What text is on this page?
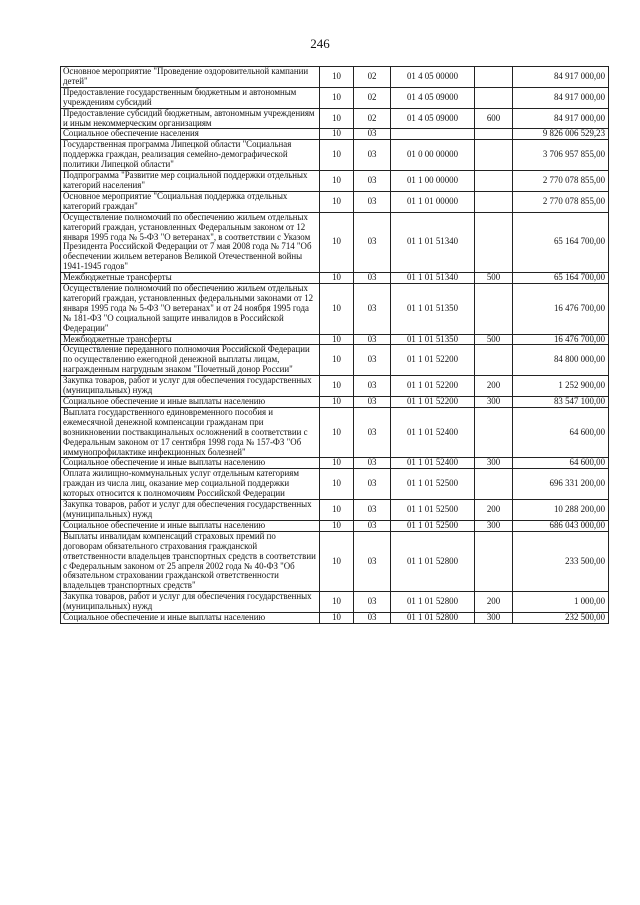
246
Основное мероприятие "Проведение оздоровительной кампании детей"	10	02	01 4 05 00000		84 917 000,00
Предоставление государственным бюджетным и автономным учреждениям субсидий	10	02	01 4 05 09000		84 917 000,00
Предоставление субсидий бюджетным, автономным учреждениям и иным некоммерческим организациям	10	02	01 4 05 09000	600	84 917 000,00
Социальное обеспечение населения	10	03			9 826 006 529,23
Государственная программа Липецкой области "Социальная поддержка граждан, реализация семейно-демографической политики Липецкой области"	10	03	01 0 00 00000		3 706 957 855,00
Подпрограмма "Развитие мер социальной поддержки отдельных категорий населения"	10	03	01 1 00 00000		2 770 078 855,00
Основное мероприятие "Социальная поддержка отдельных категорий граждан"	10	03	01 1 01 00000		2 770 078 855,00
Осуществление полномочий по обеспечению жильем отдельных категорий граждан, установленных Федеральным законом от 12 января 1995 года № 5-ФЗ "О ветеранах", в соответствии с Указом Президента Российской Федерации от 7 мая 2008 года № 714 "Об обеспечении жильем ветеранов Великой Отечественной войны 1941-1945 годов"	10	03	01 1 01 51340		65 164 700,00
Межбюджетные трансферты	10	03	01 1 01 51340	500	65 164 700,00
Осуществление полномочий по обеспечению жильем отдельных категорий граждан, установленных федеральными законами от 12 января 1995 года № 5-ФЗ "О ветеранах" и от 24 ноября 1995 года № 181-ФЗ "О социальной защите инвалидов в Российской Федерации"	10	03	01 1 01 51350		16 476 700,00
Межбюджетные трансферты	10	03	01 1 01 51350	500	16 476 700,00
Осуществление переданного полномочия Российской Федерации по осуществлению ежегодной денежной выплаты лицам, награжденным нагрудным знаком "Почетный донор России"	10	03	01 1 01 52200		84 800 000,00
Закупка товаров, работ и услуг для обеспечения государственных (муниципальных) нужд	10	03	01 1 01 52200	200	1 252 900,00
Социальное обеспечение и иные выплаты населению	10	03	01 1 01 52200	300	83 547 100,00
Выплата государственного единовременного пособия и ежемесячной денежной компенсации гражданам при возникновении поствакцинальных осложнений в соответствии с Федеральным законом от 17 сентября 1998 года № 157-ФЗ "Об иммунопрофилактике инфекционных болезней"	10	03	01 1 01 52400		64 600,00
Социальное обеспечение и иные выплаты населению	10	03	01 1 01 52400	300	64 600,00
Оплата жилищно-коммунальных услуг отдельным категориям граждан из числа лиц, оказание мер социальной поддержки которых относится к полномочиям Российской Федерации	10	03	01 1 01 52500		696 331 200,00
Закупка товаров, работ и услуг для обеспечения государственных (муниципальных) нужд	10	03	01 1 01 52500	200	10 288 200,00
Социальное обеспечение и иные выплаты населению	10	03	01 1 01 52500	300	686 043 000,00
Выплаты инвалидам компенсаций страховых премий по договорам обязательного страхования гражданской ответственности владельцев транспортных средств в соответствии с Федеральным законом от 25 апреля 2002 года № 40-ФЗ "Об обязательном страховании гражданской ответственности владельцев транспортных средств"	10	03	01 1 01 52800		233 500,00
Закупка товаров, работ и услуг для обеспечения государственных (муниципальных) нужд	10	03	01 1 01 52800	200	1 000,00
Социальное обеспечение и иные выплаты населению	10	03	01 1 01 52800	300	232 500,00
